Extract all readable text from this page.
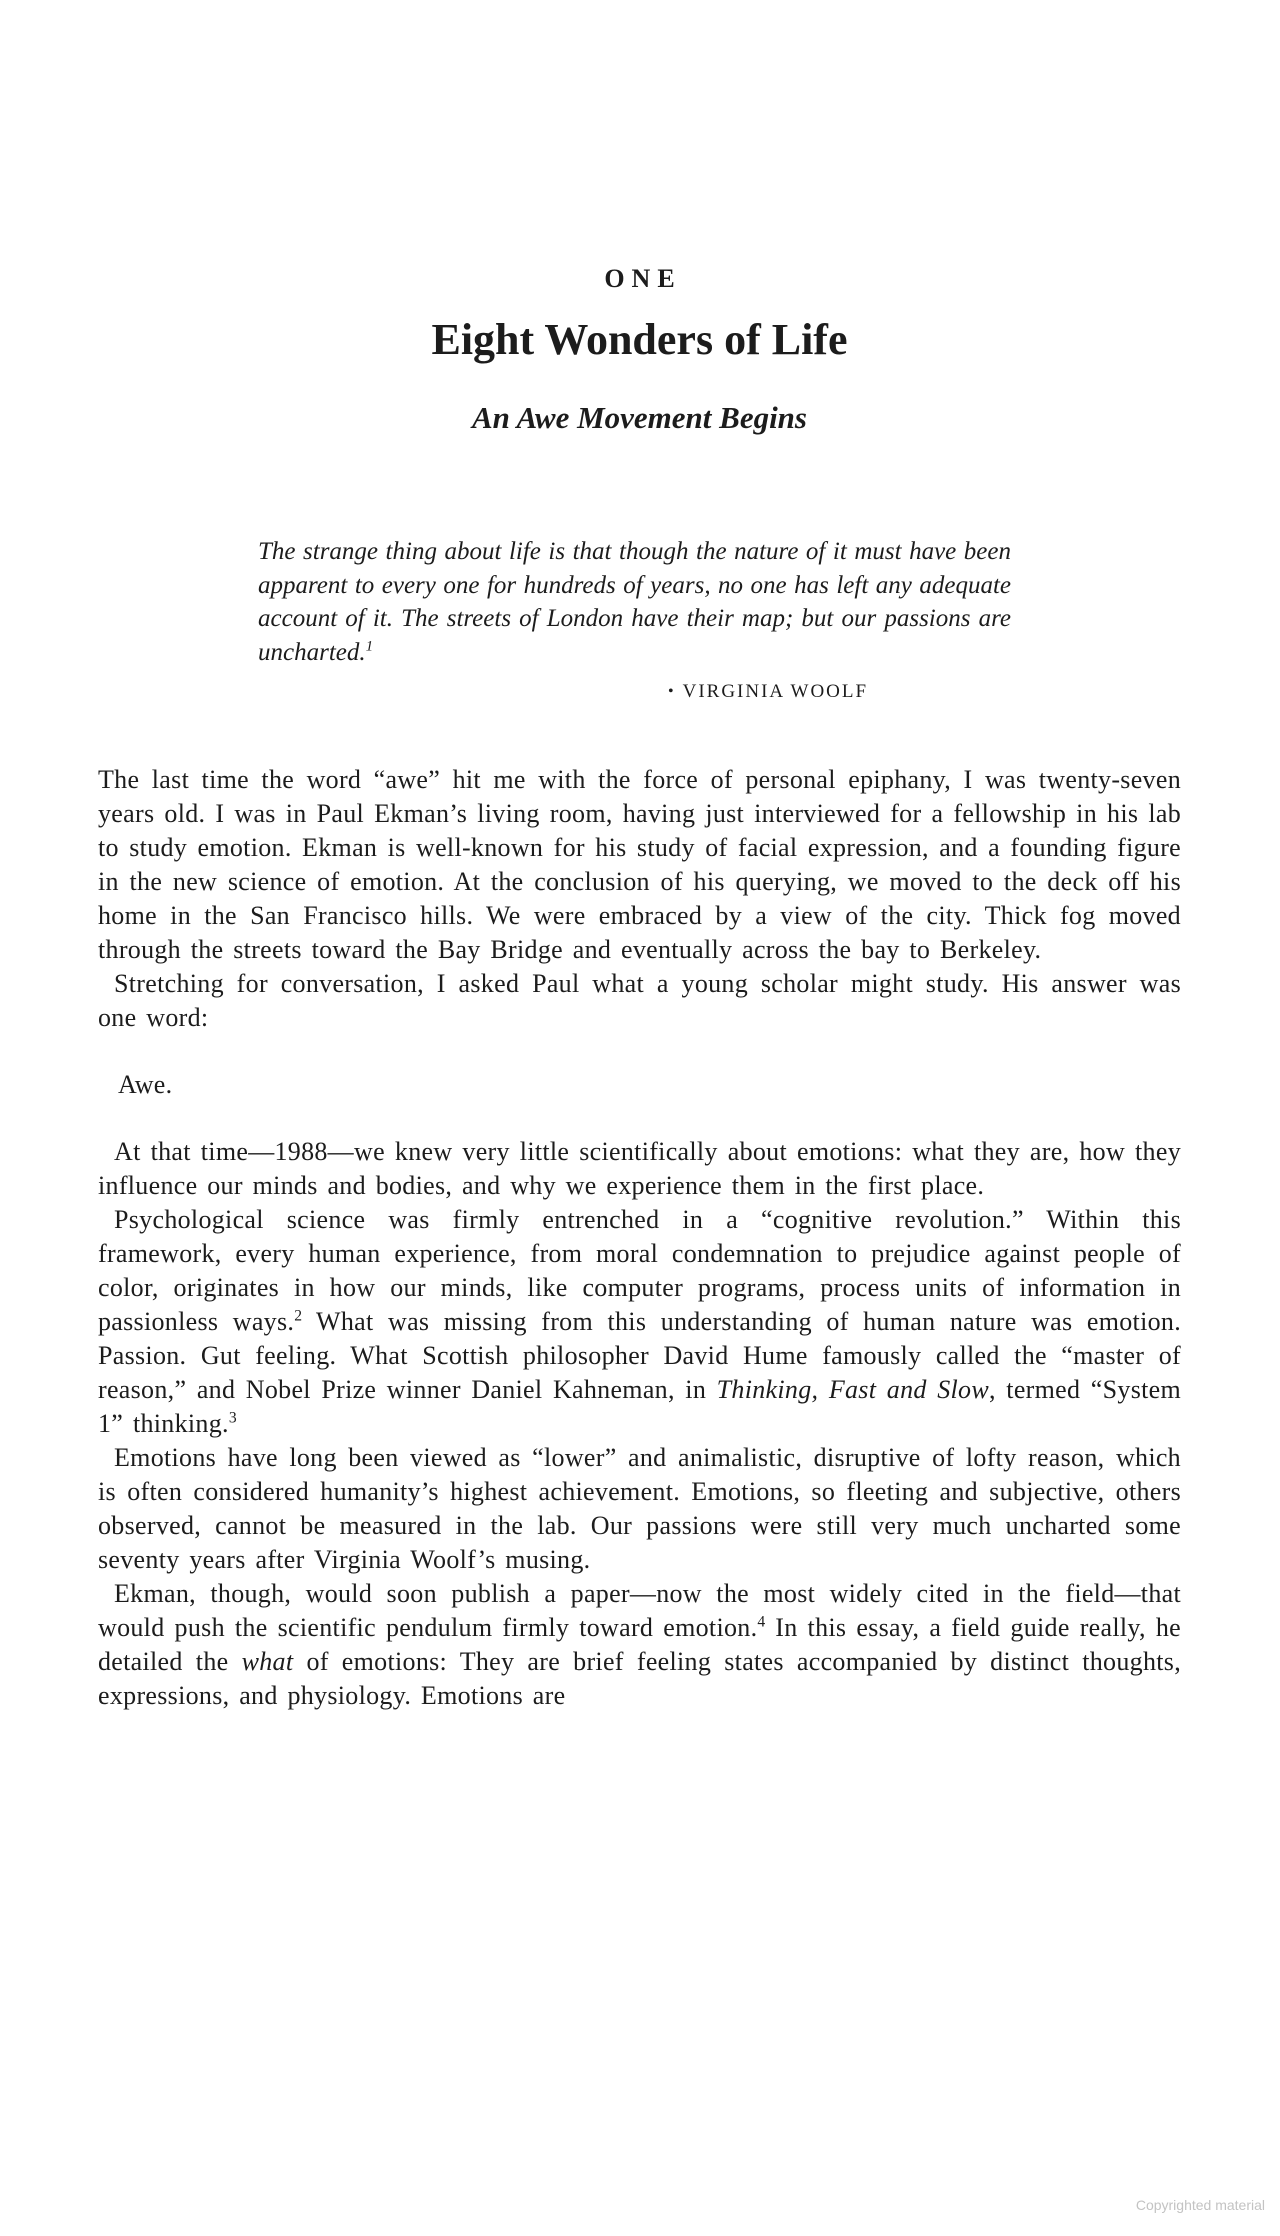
ONE
Eight Wonders of Life
An Awe Movement Begins
The strange thing about life is that though the nature of it must have been apparent to every one for hundreds of years, no one has left any adequate account of it. The streets of London have their map; but our passions are uncharted.$^1$
• VIRGINIA WOOLF

The last time the word “awe” hit me with the force of personal epiphany, I was twenty-seven years old. I was in Paul Ekman’s living room, having just interviewed for a fellowship in his lab to study emotion. Ekman is well-known for his study of facial expression, and a founding figure in the new science of emotion. At the conclusion of his querying, we moved to the deck off his home in the San Francisco hills. We were embraced by a view of the city. Thick fog moved through the streets toward the Bay Bridge and eventually across the bay to Berkeley.

Stretching for conversation, I asked Paul what a young scholar might study. His answer was one word:

Awe.

At that time—1988—we knew very little scientifically about emotions: what they are, how they influence our minds and bodies, and why we experience them in the first place.

Psychological science was firmly entrenched in a “cognitive revolution.” Within this framework, every human experience, from moral condemnation to prejudice against people of color, originates in how our minds, like computer programs, process units of information in passionless ways.$^2$ What was missing from this understanding of human nature was emotion. Passion. Gut feeling. What Scottish philosopher David Hume famously called the “master of reason,” and Nobel Prize winner Daniel Kahneman, in Thinking, Fast and Slow, termed “System 1” thinking.$^3$

Emotions have long been viewed as “lower” and animalistic, disruptive of lofty reason, which is often considered humanity’s highest achievement. Emotions, so fleeting and subjective, others observed, cannot be measured in the lab. Our passions were still very much uncharted some seventy years after Virginia Woolf’s musing.

Ekman, though, would soon publish a paper—now the most widely cited in the field—that would push the scientific pendulum firmly toward emotion.$^4$ In this essay, a field guide really, he detailed the what of emotions: They are brief feeling states accompanied by distinct thoughts, expressions, and physiology. Emotions are

Copyrighted material
